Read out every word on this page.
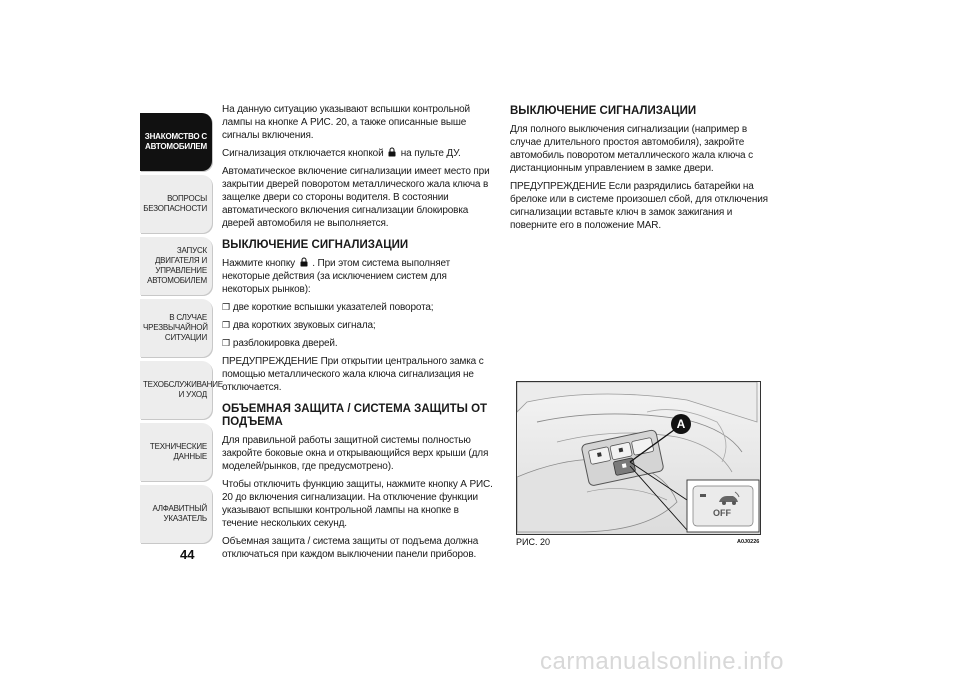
ЗНАКОМСТВО С
АВТОМОБИЛЕМ
ВОПРОСЫ
БЕЗОПАСНОСТИ
ЗАПУСК ДВИГАТЕЛЯ И
УПРАВЛЕНИЕ
АВТОМОБИЛЕМ
В СЛУЧАЕ
ЧРЕЗВЫЧАЙНОЙ
СИТУАЦИИ
ТЕХОБСЛУЖИВАНИЕ
И УХОД
ТЕХНИЧЕСКИЕ
ДАННЫЕ
АЛФАВИТНЫЙ
УКАЗАТЕЛЬ
44

На данную ситуацию указывают вспышки контрольной лампы на кнопке А РИС. 20, а также описанные выше сигналы включения.

Сигнализация отключается кнопкой на пульте ДУ.

Автоматическое включение сигнализации имеет место при закрытии дверей поворотом металлического жала ключа в защелке двери со стороны водителя. В состоянии автоматического включения сигнализации блокировка дверей автомобиля не выполняется.

ВЫКЛЮЧЕНИЕ СИГНАЛИЗАЦИИ

Нажмите кнопку . При этом система выполняет некоторые действия (за исключением систем для некоторых рынков):

❒ две короткие вспышки указателей поворота;
❒ два коротких звуковых сигнала;
❒ разблокировка дверей.

ПРЕДУПРЕЖДЕНИЕ При открытии центрального замка с помощью металлического жала ключа сигнализация не отключается.

ОБЪЕМНАЯ ЗАЩИТА / СИСТЕМА ЗАЩИТЫ ОТ ПОДЪЕМА

Для правильной работы защитной системы полностью закройте боковые окна и открывающийся верх крыши (для моделей/рынков, где предусмотрено).

Чтобы отключить функцию защиты, нажмите кнопку А РИС. 20 до включения сигнализации. На отключение функции указывают вспышки контрольной лампы на кнопке в течение нескольких секунд.

Объемная защита / система защиты от подъема должна отключаться при каждом выключении панели приборов.

ВЫКЛЮЧЕНИЕ СИГНАЛИЗАЦИИ

Для полного выключения сигнализации (например в случае длительного простоя автомобиля), закройте автомобиль поворотом металлического жала ключа с дистанционным управлением в замке двери.

ПРЕДУПРЕЖДЕНИЕ Если разрядились батарейки на брелоке или в системе произошел сбой, для отключения сигнализации вставьте ключ в замок зажигания и поверните его в положение MAR.

A
OFF
РИС. 20	A0J0226
carmanualsonline.info
